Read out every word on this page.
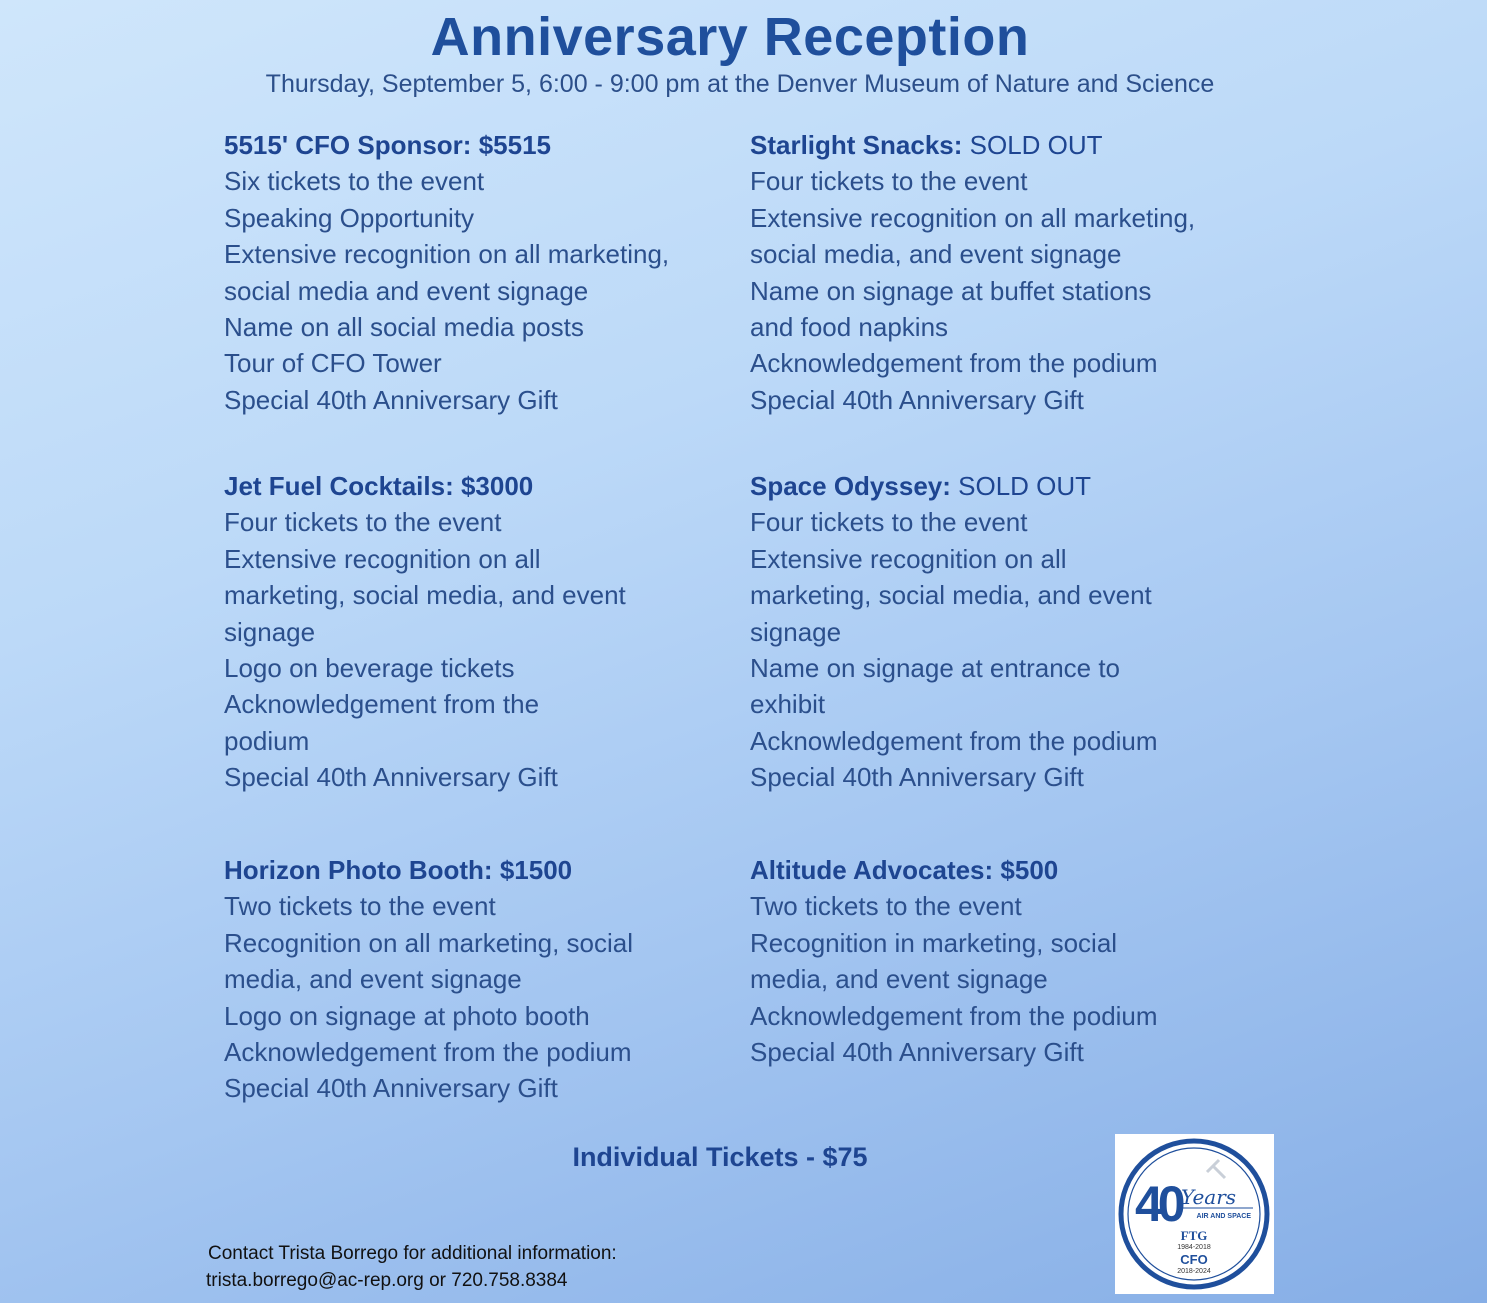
Anniversary Reception
Thursday, September 5, 6:00 - 9:00 pm at the Denver Museum of Nature and Science
5515' CFO Sponsor: $5515
Six tickets to the event
Speaking Opportunity
Extensive recognition on all marketing,
social media and event signage
Name on all social media posts
Tour of CFO Tower
Special 40th Anniversary Gift
Starlight Snacks: SOLD OUT
Four tickets to the event
Extensive recognition on all marketing,
social media, and event signage
Name on signage at buffet stations
and food napkins
Acknowledgement from the podium
Special 40th Anniversary Gift
Jet Fuel Cocktails: $3000
Four tickets to the event
Extensive recognition on all
marketing, social media, and event
signage
Logo on beverage tickets
Acknowledgement from the
podium
Special 40th Anniversary Gift
Space Odyssey: SOLD OUT
Four tickets to the event
Extensive recognition on all
marketing, social media, and event
signage
Name on signage at entrance to
exhibit
Acknowledgement from the podium
Special 40th Anniversary Gift
Horizon Photo Booth: $1500
Two tickets to the event
Recognition on all marketing, social
media, and event signage
Logo on signage at photo booth
Acknowledgement from the podium
Special 40th Anniversary Gift
Altitude Advocates: $500
Two tickets to the event
Recognition in marketing, social
media, and event signage
Acknowledgement from the podium
Special 40th Anniversary Gift
Individual Tickets - $75
Contact Trista Borrego for additional information:
trista.borrego@ac-rep.org or 720.758.8384
40 Years
AIR AND SPACE
FTG
1984-2018
CFO
2018-2024
